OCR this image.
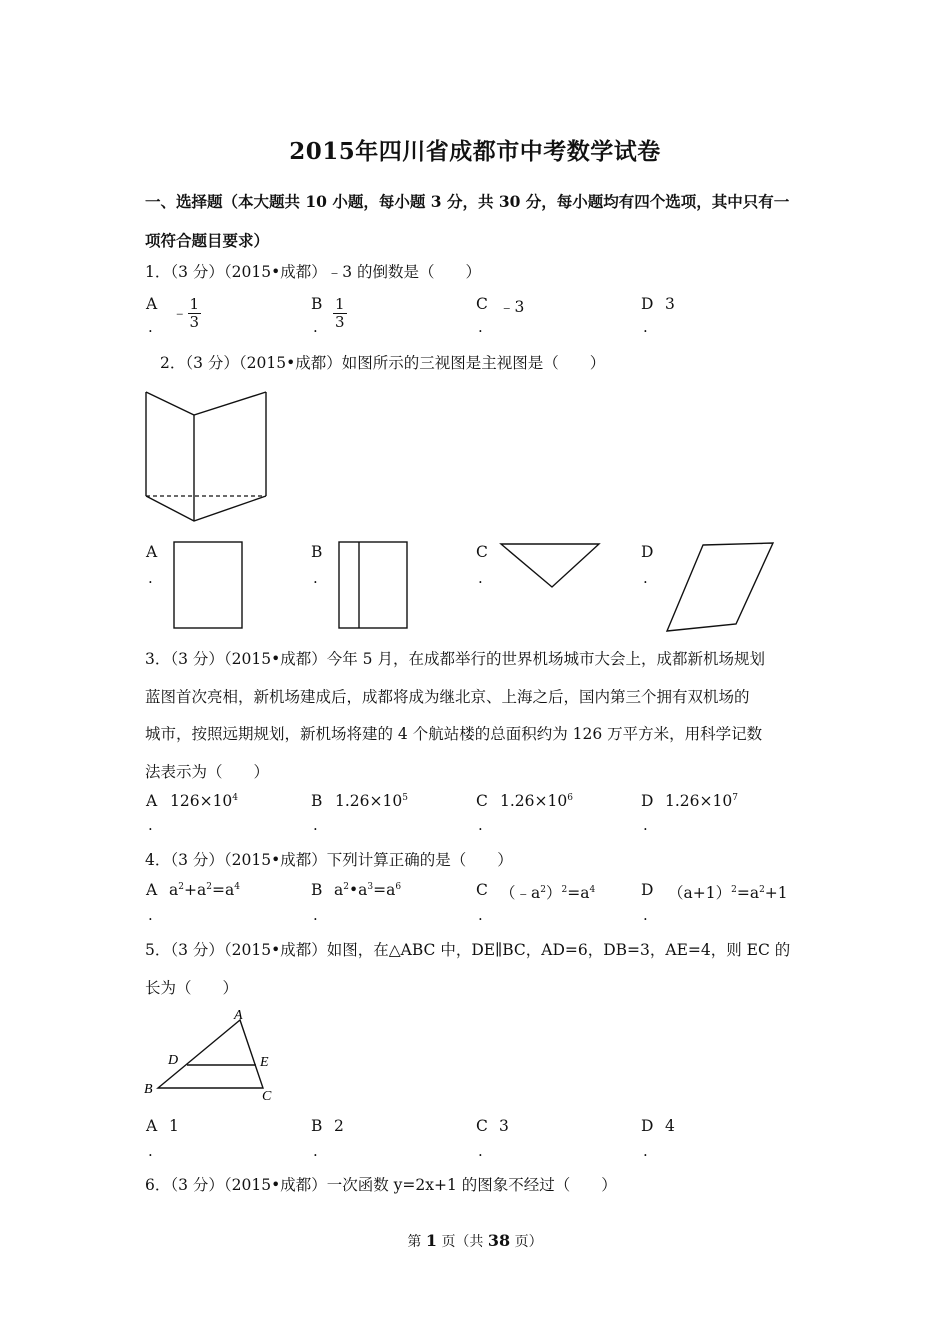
2015年四川省成都市中考数学试卷
一、选择题（本大题共 10 小题，每小题 3 分，共 30 分，每小题均有四个选项，其中只有一
项符合题目要求）
1．（3 分）（2015•成都）﹣3 的倒数是（　　）
A
.
﹣ $\frac{1}{3}$	B
. $\frac{1}{3}$	C ﹣3
.
D 3
.
2．（3 分）（2015•成都）如图所示的三视图是主视图是（　　）
A
.
B
.
C
.
D
.
3．（3 分）（2015•成都）今年 5 月，在成都举行的世界机场城市大会上，成都新机场规划
蓝图首次亮相，新机场建成后，成都将成为继北京、上海之后，国内第三个拥有双机场的
城市，按照远期规划，新机场将建的 4 个航站楼的总面积约为 126 万平方米，用科学记数
法表示为（　　）
A $126\times 10^4$
.
B $1.26\times 10^5$
.
C $1.26\times 10^6$
.
D $1.26\times 10^7$
.
4．（3 分）（2015•成都）下列计算正确的是（　　）
A $a^2+a^2=a^4$
.
B $a^2•a^3=a^6$
.
C $(﹣a^2)^2=a^4$
.
D $(a+1)^2=a^2+1$
.
5．（3 分）（2015•成都）如图，在△ABC 中，DE∥BC，AD=6，DB=3，AE=4，则 EC 的
长为（　　）
A
B	C
D	E
A 1
.
B 2
.
C 3
.
D 4
.
6．（3 分）（2015•成都）一次函数 y=2x+1 的图象不经过（　　）
第 1 页（共 38 页）
